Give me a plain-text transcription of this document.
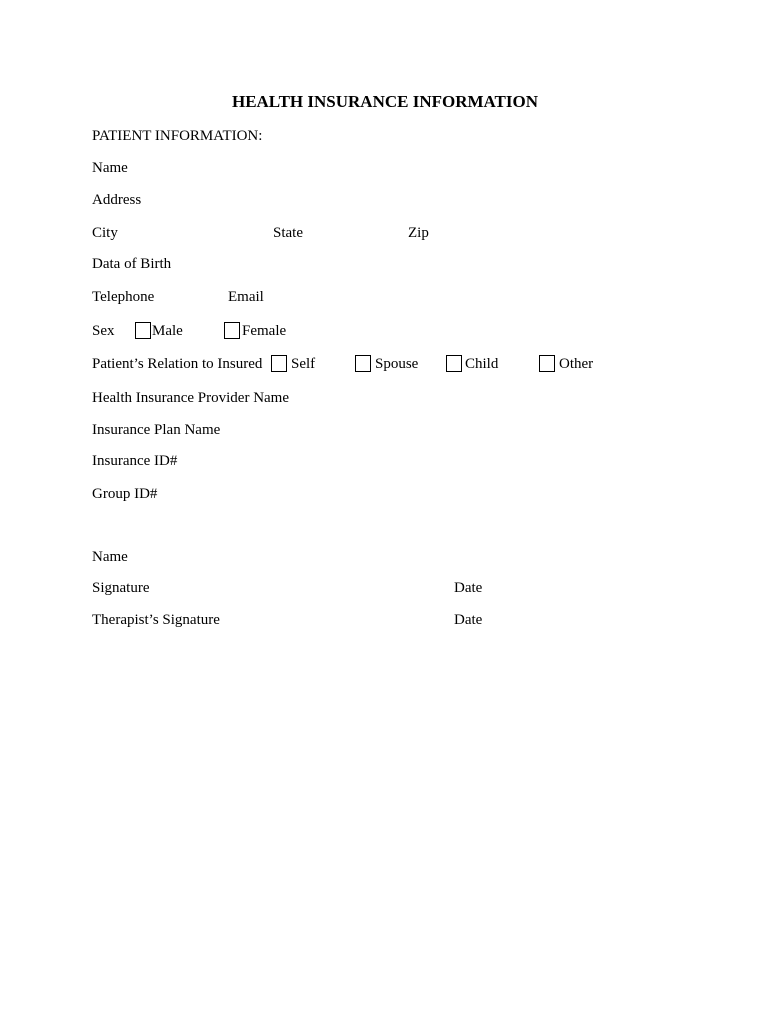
HEALTH INSURANCE INFORMATION
PATIENT INFORMATION:
Name
Address
City	State	Zip
Data of Birth
Telephone	Email
Sex	Male	Female
Patient’s Relation to Insured Self	Spouse	Child	Other
Health Insurance Provider Name
Insurance Plan Name
Insurance ID#
Group ID#
Name
Signature	Date
Therapist’s Signature	Date
